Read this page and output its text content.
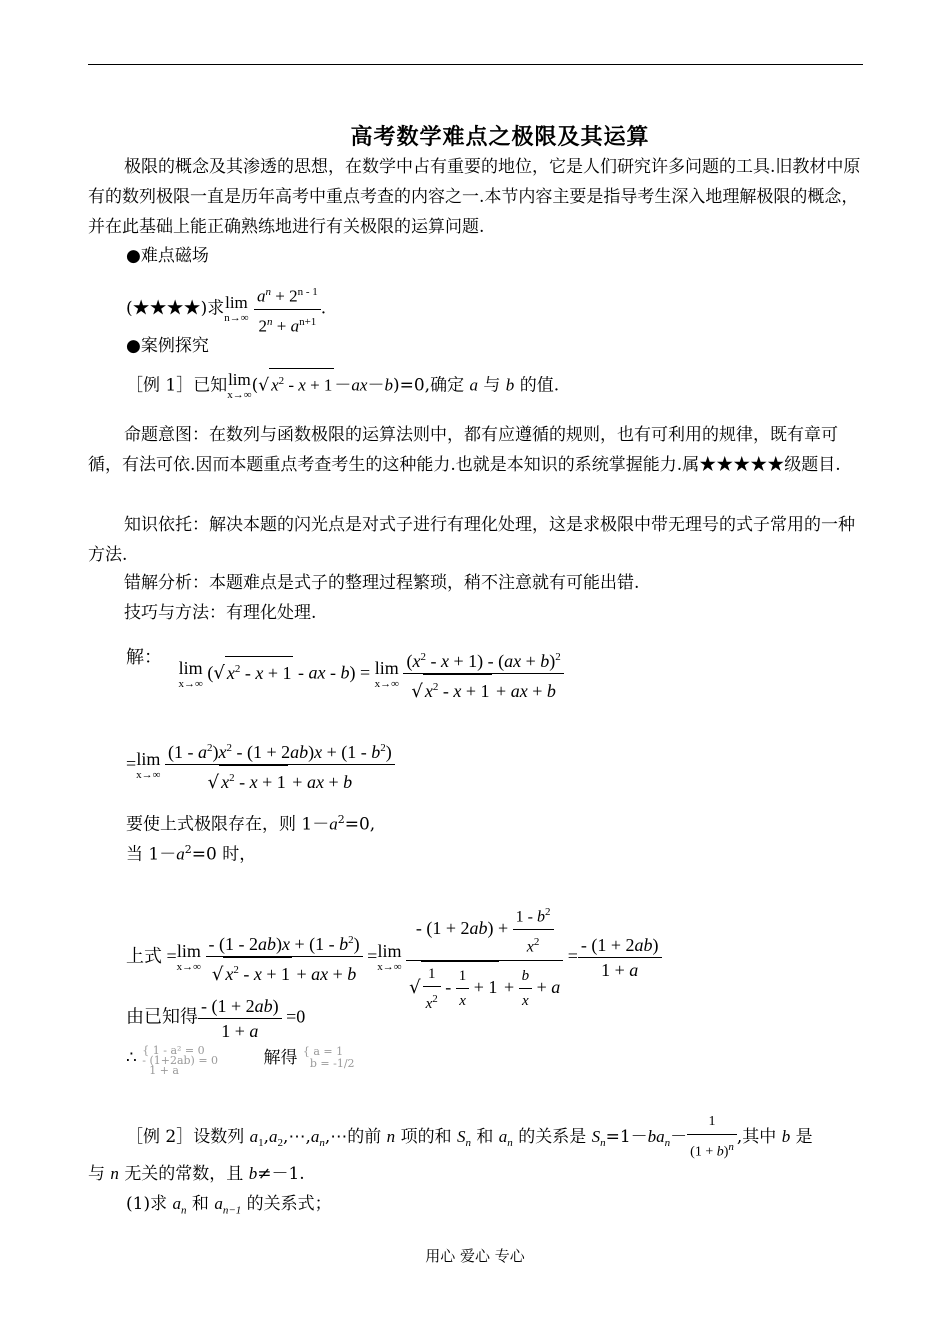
高考数学难点之极限及其运算
极限的概念及其渗透的思想，在数学中占有重要的地位，它是人们研究许多问题的工具.旧教材中原有的数列极限一直是历年高考中重点考查的内容之一.本节内容主要是指导考生深入地理解极限的概念，并在此基础上能正确熟练地进行有关极限的运算问题.
●难点磁场
(★★★★)求lim
n→∞
$\frac{a^n + 2^{n - 1}}{2^n + a^{n+1}}$ .
●案例探究
［例 1］已知lim
x→∞ (√ $x^2 - x + 1 -ax-b)=0$,确定 a 与 b 的值.
命题意图：在数列与函数极限的运算法则中，都有应遵循的规则，也有可利用的规律，既有章可循，有法可依.因而本题重点考查考生的这种能力.也就是本知识的系统掌握能力.属★★★★★级题目.
知识依托：解决本题的闪光点是对式子进行有理化处理，这是求极限中带无理号的式子常用的一种方法.
错解分析：本题难点是式子的整理过程繁琐，稍不注意就有可能出错.
技巧与方法：有理化处理.
解： lim
x→∞
(√ $x^2 - x + 1$ - ax - b) = lim
x→∞
$\frac{(x^2 - x + 1) - (ax + b)^2}{√ x^2 - x + 1 + ax + b}$
=lim
x→∞
$\frac{(1 - a^2)x^2 - (1 + 2ab)x + (1 - b^2)}{√ x^2 - x + 1 + ax + b}$
要使上式极限存在，则 $1-a^2=0$,
当 $1-a^2=0$ 时，
上式 =lim
x→∞
$\frac{- (1 - 2ab)x + (1 - b^2)}{√ x^2 - x + 1 + ax + b} =\lim$
x→∞
$\frac{- (1 + 2ab) + \frac{1 - b^2}{x^2}}{√ \frac{1}{x^2} - \frac{1}{x} + 1 + \frac{b}{x} + a} = \frac{- (1 + 2ab)}{1 + a}$
由已知得 $\frac{- (1 + 2ab)}{1 + a} =0$
∴ { 1 - a² = 0
- (1+2ab) = 0
1 + a 解得 { a = 1
b = -1/2
［例 2］设数列 $a_1,a_2,\cdots,a_n,\cdots$的前 n 项的和 $S_n$ 和 $a_n$ 的关系是 $S_n=1-ba_n- \frac{1}{(1 + b)^n}$ ,其中 b 是
与 n 无关的常数，且 b≠－1.
(1)求 $a_n$ 和 $a_{n-1}$ 的关系式；
用心 爱心 专心
